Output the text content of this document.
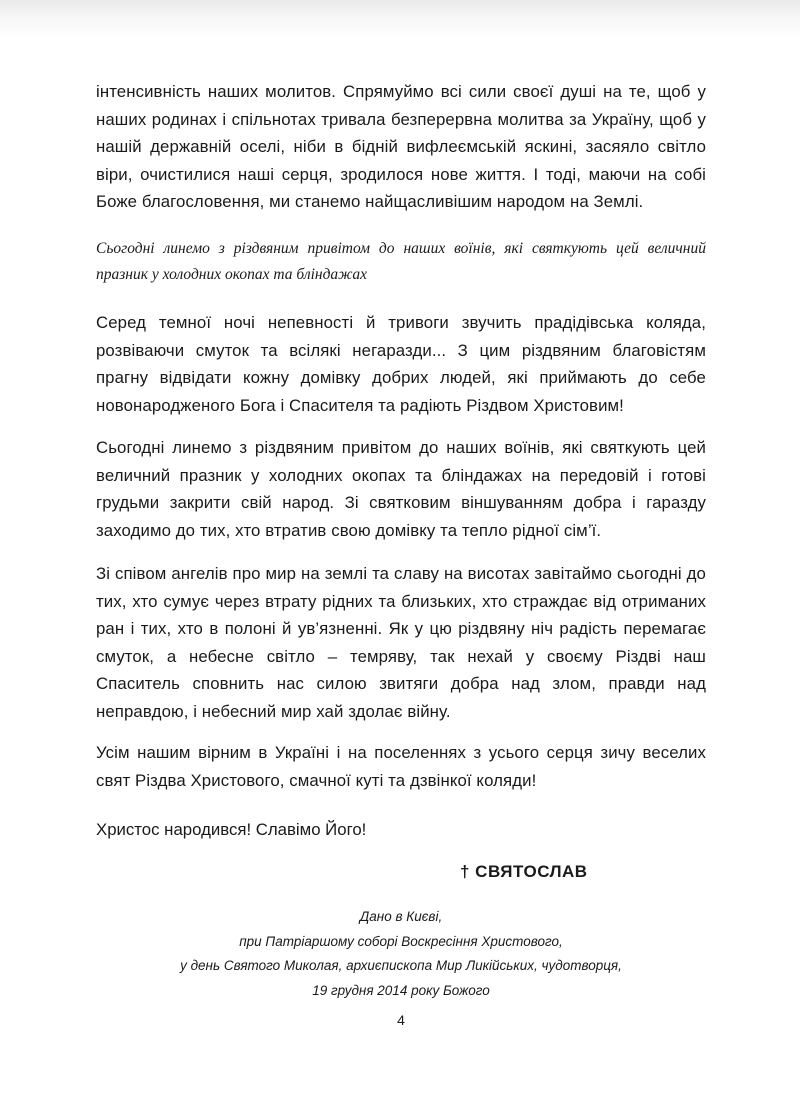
інтенсивність наших молитов. Спрямуймо всі сили своєї душі на те, щоб у наших родинах і спільнотах тривала безперервна молитва за Україну, щоб у нашій державній оселі, ніби в бідній вифлеємській яскині, засяяло світло віри, очистилися наші серця, зродилося нове життя. І тоді, маючи на собі Боже благословення, ми станемо найщасливішим народом на Землі.

Сьогодні линемо з різдвяним привітом до наших воїнів, які святкують цей величний празник у холодних окопах та бліндажах

Серед темної ночі непевності й тривоги звучить прадідівська коляда, розвіваючи смуток та всілякі негаразди... З цим різдвяним благовістям прагну відвідати кожну домівку добрих людей, які приймають до себе новонародженого Бога і Спасителя та радіють Різдвом Христовим!

Сьогодні линемо з різдвяним привітом до наших воїнів, які святкують цей величний празник у холодних окопах та бліндажах на передовій і готові грудьми закрити свій народ. Зі святковим віншуванням добра і гаразду заходимо до тих, хто втратив свою домівку та тепло рідної сім’ї.

Зі співом ангелів про мир на землі та славу на висотах завітаймо сьогодні до тих, хто сумує через втрату рідних та близьких, хто страждає від отриманих ран і тих, хто в полоні й ув’язненні. Як у цю різдвяну ніч радість перемагає смуток, а небесне світло – темряву, так нехай у своєму Різдві наш Спаситель сповнить нас силою звитяги добра над злом, правди над неправдою, і небесний мир хай здолає війну.

Усім нашим вірним в Україні і на поселеннях з усього серця зичу веселих свят Різдва Христового, смачної куті та дзвінкої коляди!

Христос народився! Славімо Його!

† СВЯТОСЛАВ

Дано в Києві,
при Патріаршому соборі Воскресіння Христового,
у день Святого Миколая, архиєпископа Мир Ликійських, чудотворця,
19 грудня 2014 року Божого

4
